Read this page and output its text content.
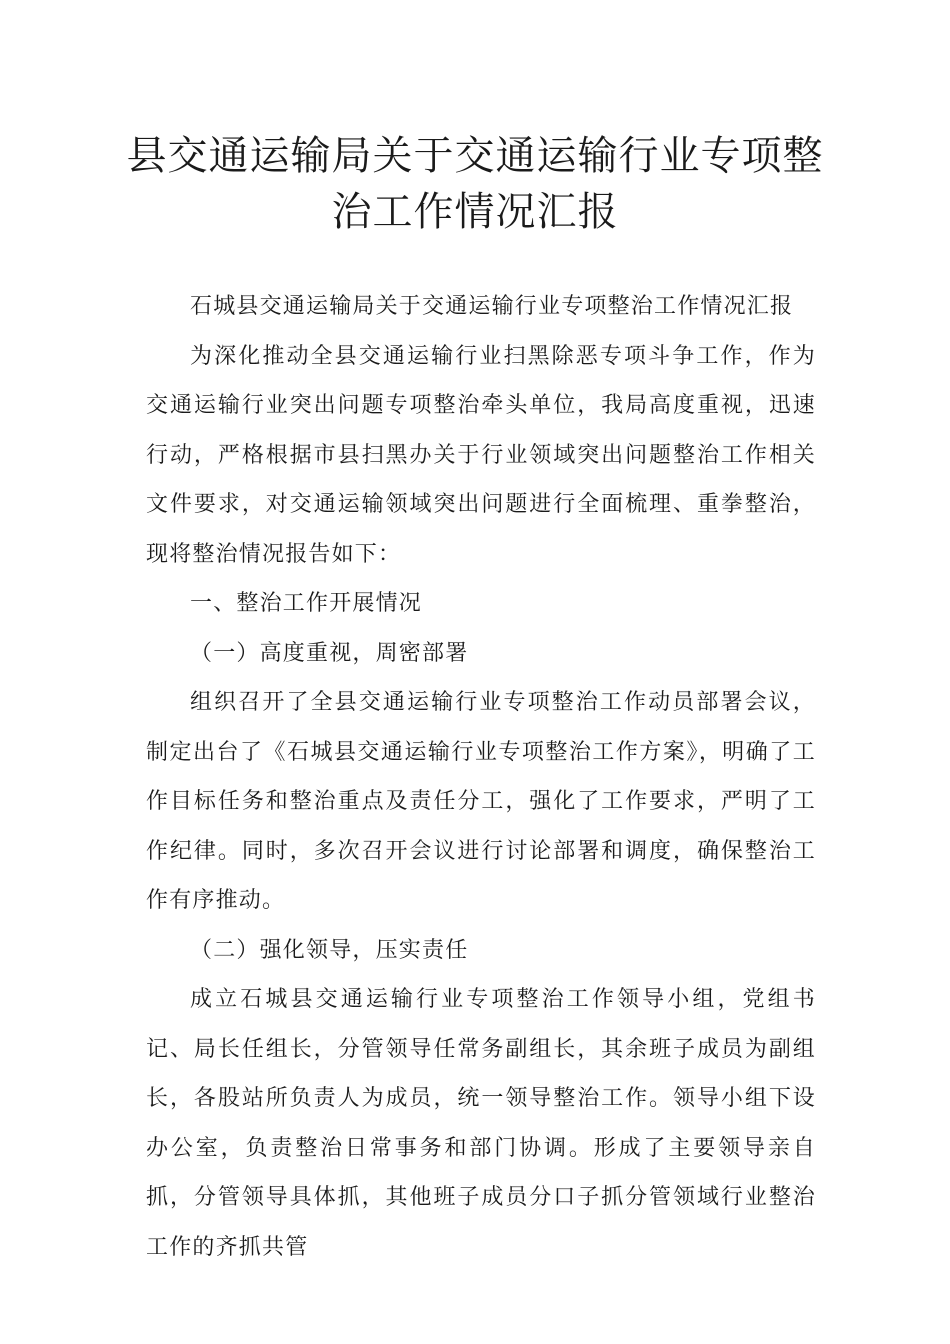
县交通运输局关于交通运输行业专项整
治工作情况汇报

石城县交通运输局关于交通运输行业专项整治工作情况汇报

为深化推动全县交通运输行业扫黑除恶专项斗争工作，作为交通运输行业突出问题专项整治牵头单位，我局高度重视，迅速行动，严格根据市县扫黑办关于行业领域突出问题整治工作相关文件要求，对交通运输领域突出问题进行全面梳理、重拳整治，现将整治情况报告如下：

一、整治工作开展情况

（一）高度重视，周密部署

组织召开了全县交通运输行业专项整治工作动员部署会议，制定出台了《石城县交通运输行业专项整治工作方案》，明确了工作目标任务和整治重点及责任分工，强化了工作要求，严明了工作纪律。同时，多次召开会议进行讨论部署和调度，确保整治工作有序推动。

（二）强化领导，压实责任

成立石城县交通运输行业专项整治工作领导小组，党组书记、局长任组长，分管领导任常务副组长，其余班子成员为副组长，各股站所负责人为成员，统一领导整治工作。领导小组下设办公室，负责整治日常事务和部门协调。形成了主要领导亲自抓，分管领导具体抓，其他班子成员分口子抓分管领域行业整治工作的齐抓共管
